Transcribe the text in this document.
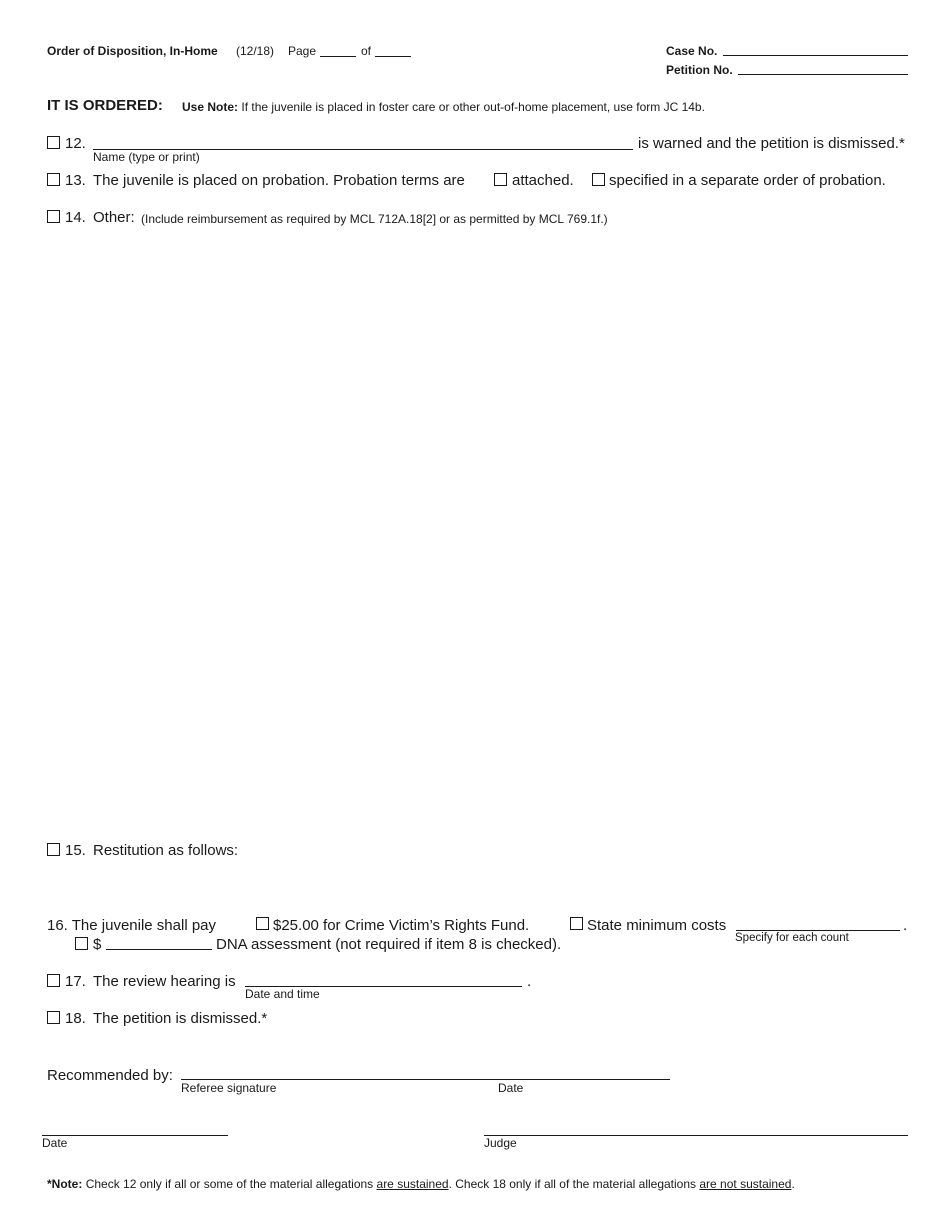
Order of Disposition, In-Home (12/18) Page	of	Case No.
Petition No.
IT IS ORDERED: Use Note: If the juvenile is placed in foster care or other out-of-home placement, use form JC 14b.
12.
Name (type or print)
is warned and the petition is dismissed.*
13. The juvenile is placed on probation. Probation terms are	attached. specified in a separate order of probation.
14. Other: (Include reimbursement as required by MCL 712A.18[2] or as permitted by MCL 769.1f.)
15. Restitution as follows:
16. The juvenile shall pay	$25.00 for Crime Victim’s Rights Fund.	State minimum costs	.
Specify for each count
$	DNA assessment (not required if item 8 is checked).
17. The review hearing is	.
Date and time
18. The petition is dismissed.*
Recommended by:
Referee signature	Date
Date	Judge
*Note: Check 12 only if all or some of the material allegations are sustained. Check 18 only if all of the material allegations are not sustained.
